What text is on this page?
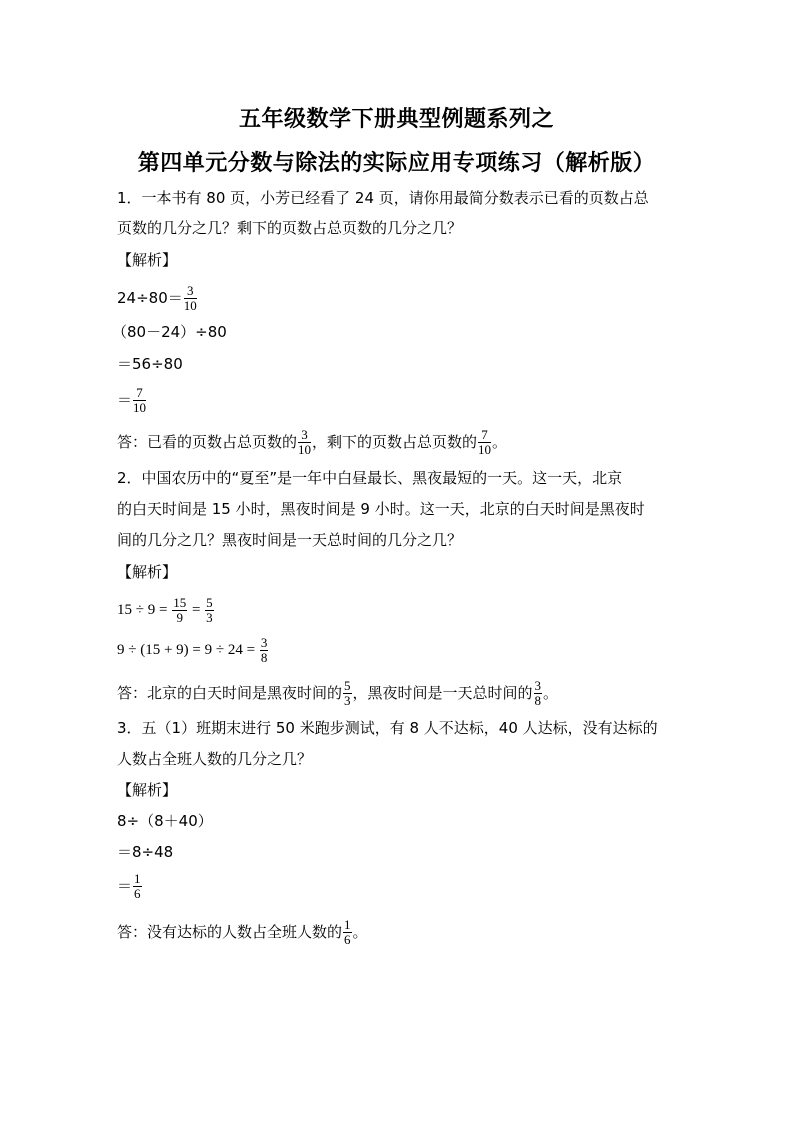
五年级数学下册典型例题系列之
第四单元分数与除法的实际应用专项练习（解析版）
1．一本书有 80 页，小芳已经看了 24 页，请你用最简分数表示已看的页数占总
页数的几分之几？剩下的页数占总页数的几分之几？
【解析】
$24\div 80= \frac{3}{10}$
（80－24）÷80
＝56÷80
＝ $\frac{7}{10}$
答：已看的页数占总页数的 $\frac{3}{10}$ ，剩下的页数占总页数的 $\frac{7}{10}$ 。
2．中国农历中的“夏至”是一年中白昼最长、黑夜最短的一天。这一天，北京
的白天时间是 15 小时，黑夜时间是 9 小时。这一天，北京的白天时间是黑夜时
间的几分之几？黑夜时间是一天总时间的几分之几？
【解析】
$15 \div 9 = \frac{15}{9} = \frac{5}{3}$
$9 \div (15 + 9) = 9 \div 24 = \frac{3}{8}$
答：北京的白天时间是黑夜时间的 $\frac{5}{3}$ ，黑夜时间是一天总时间的 $\frac{3}{8}$ 。
3．五（1）班期末进行 50 米跑步测试，有 8 人不达标，40 人达标，没有达标的
人数占全班人数的几分之几？
【解析】
8÷（8＋40）
＝8÷48
＝ $\frac{1}{6}$
答：没有达标的人数占全班人数的 $\frac{1}{6}$ 。
